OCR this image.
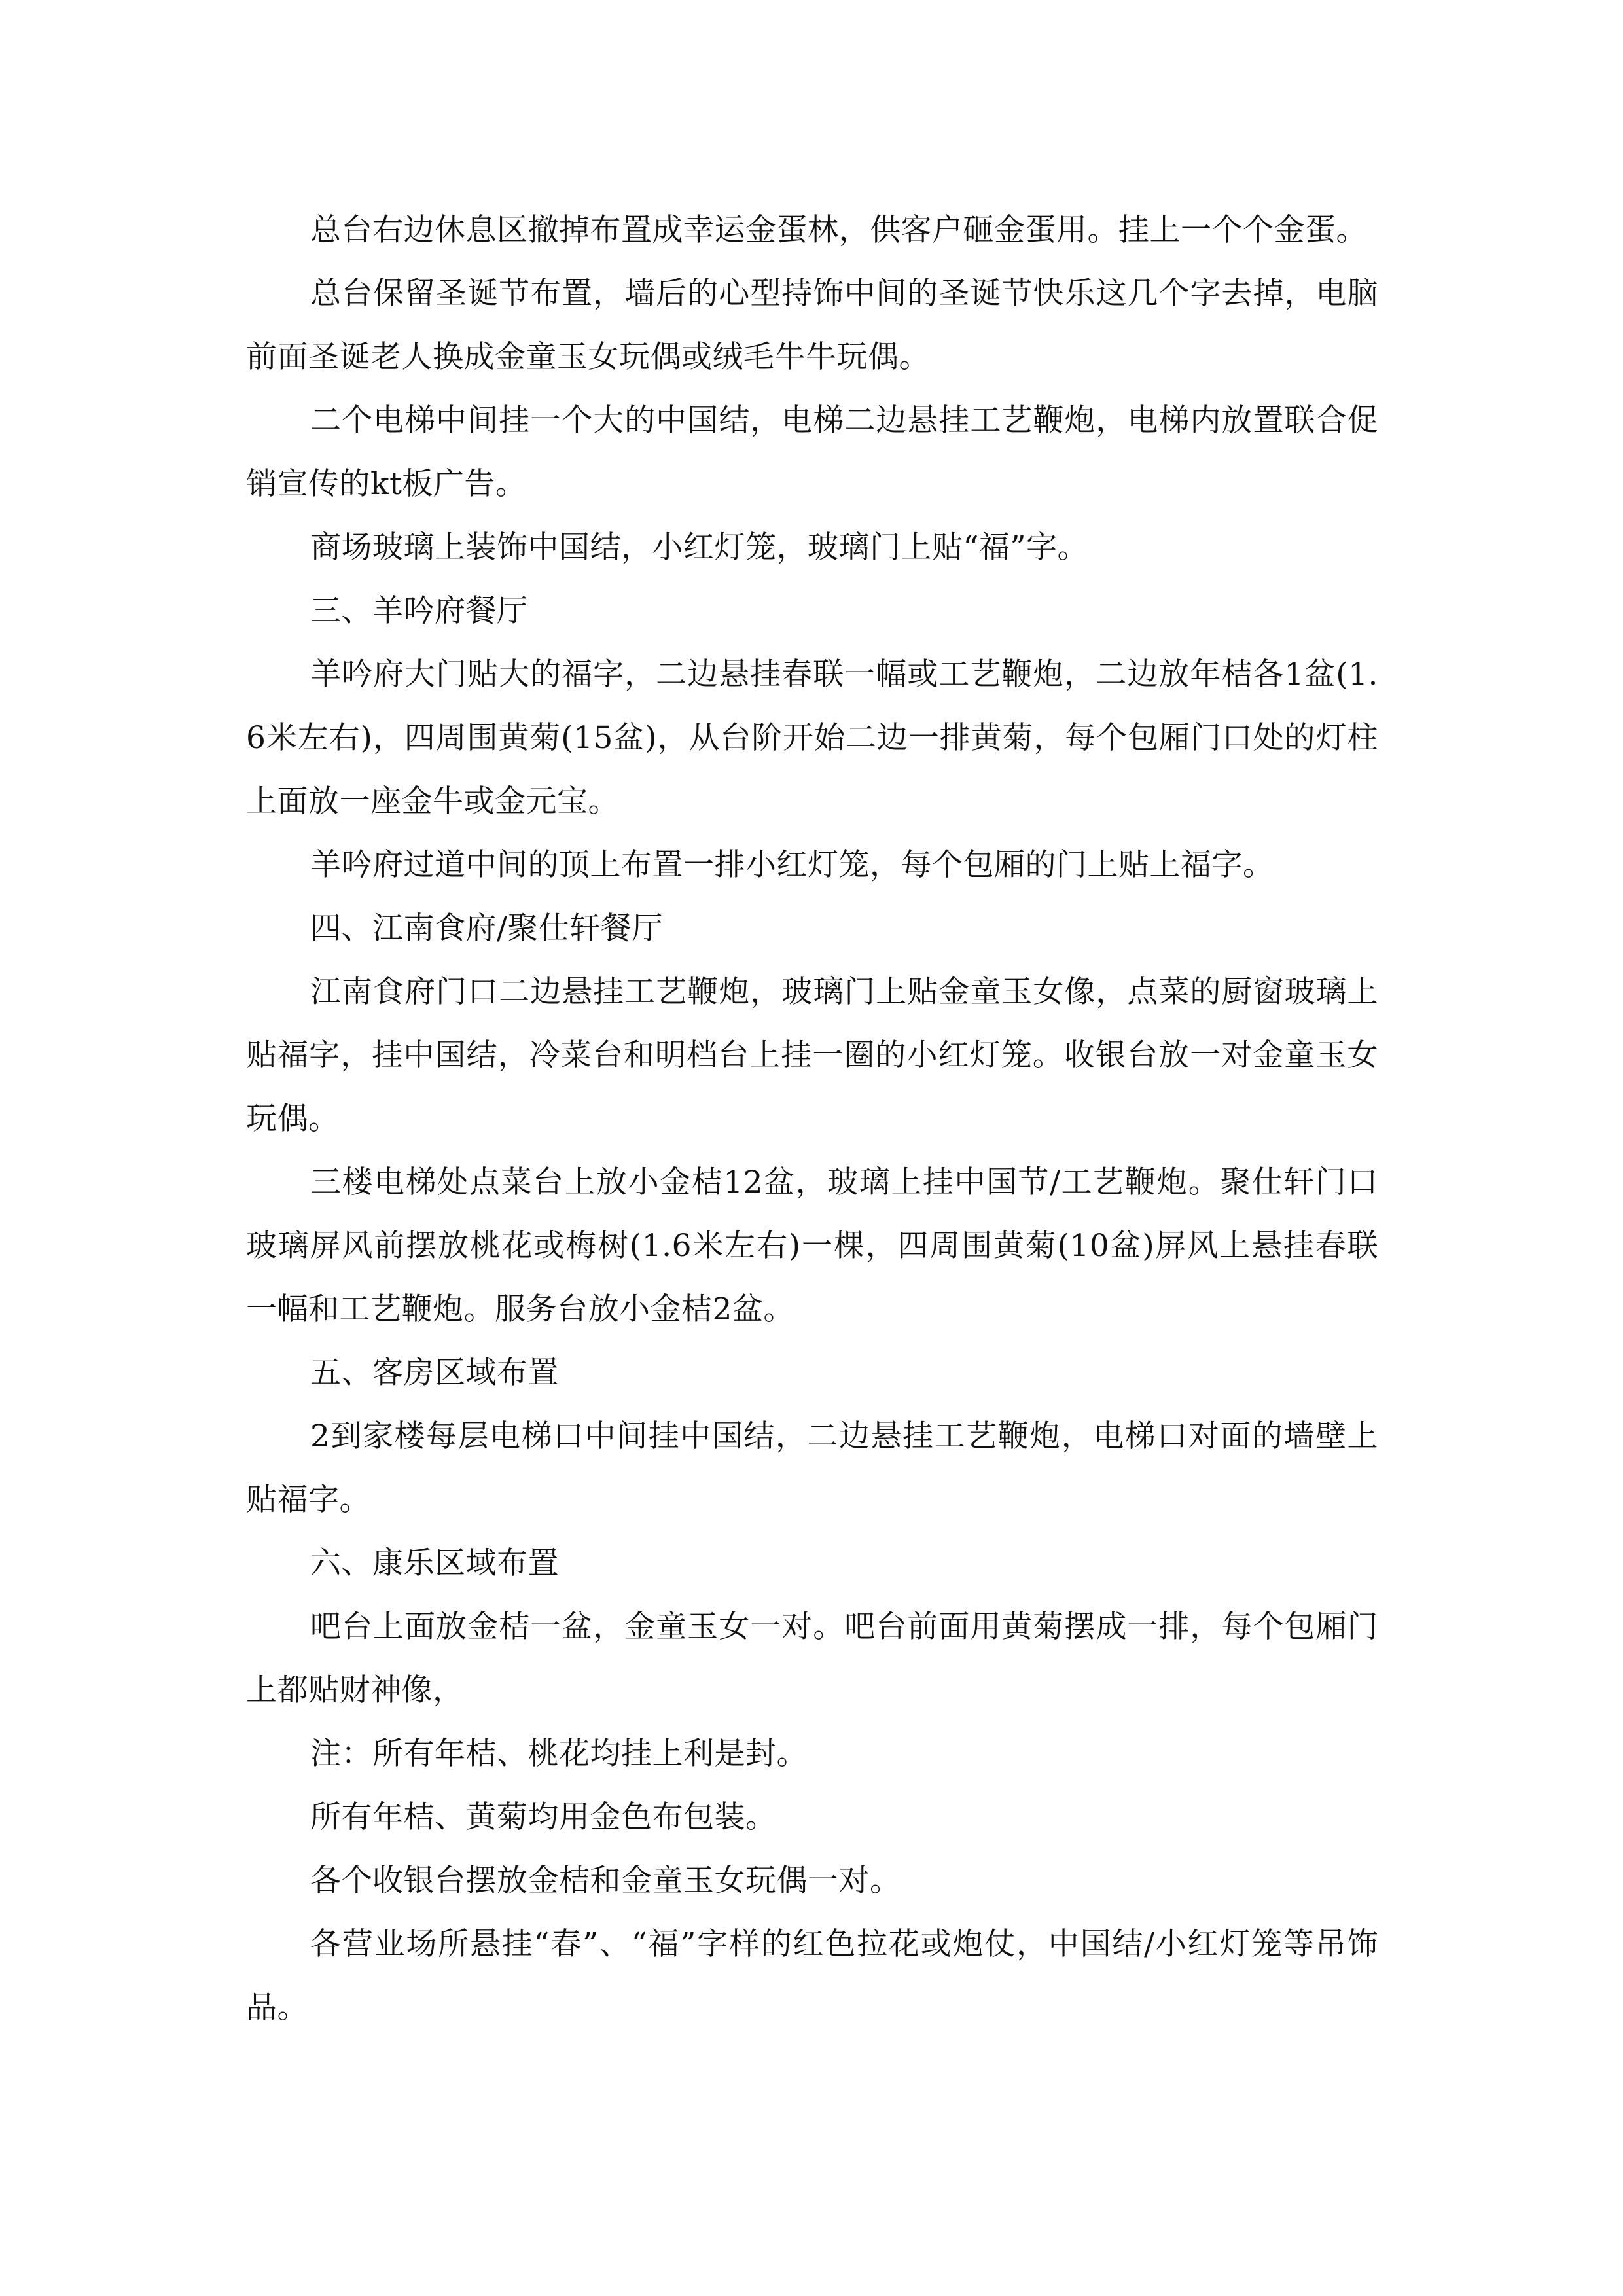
总台右边休息区撤掉布置成幸运金蛋林，供客户砸金蛋用。挂上一个个金蛋。

总台保留圣诞节布置，墙后的心型持饰中间的圣诞节快乐这几个字去掉，电脑前面圣诞老人换成金童玉女玩偶或绒毛牛牛玩偶。

二个电梯中间挂一个大的中国结，电梯二边悬挂工艺鞭炮，电梯内放置联合促销宣传的kt板广告。

商场玻璃上装饰中国结，小红灯笼，玻璃门上贴“福”字。

三、羊吟府餐厅

羊吟府大门贴大的福字，二边悬挂春联一幅或工艺鞭炮，二边放年桔各1盆(1.6米左右)，四周围黄菊(15盆)，从台阶开始二边一排黄菊，每个包厢门口处的灯柱上面放一座金牛或金元宝。

羊吟府过道中间的顶上布置一排小红灯笼，每个包厢的门上贴上福字。

四、江南食府/聚仕轩餐厅

江南食府门口二边悬挂工艺鞭炮，玻璃门上贴金童玉女像，点菜的厨窗玻璃上贴福字，挂中国结，冷菜台和明档台上挂一圈的小红灯笼。收银台放一对金童玉女玩偶。

三楼电梯处点菜台上放小金桔12盆，玻璃上挂中国节/工艺鞭炮。聚仕轩门口玻璃屏风前摆放桃花或梅树(1.6米左右)一棵，四周围黄菊(10盆)屏风上悬挂春联一幅和工艺鞭炮。服务台放小金桔2盆。

五、客房区域布置

2到家楼每层电梯口中间挂中国结，二边悬挂工艺鞭炮，电梯口对面的墙壁上贴福字。

六、康乐区域布置

吧台上面放金桔一盆，金童玉女一对。吧台前面用黄菊摆成一排，每个包厢门上都贴财神像，

注：所有年桔、桃花均挂上利是封。

所有年桔、黄菊均用金色布包装。

各个收银台摆放金桔和金童玉女玩偶一对。

各营业场所悬挂“春”、“福”字样的红色拉花或炮仗，中国结/小红灯笼等吊饰品。
